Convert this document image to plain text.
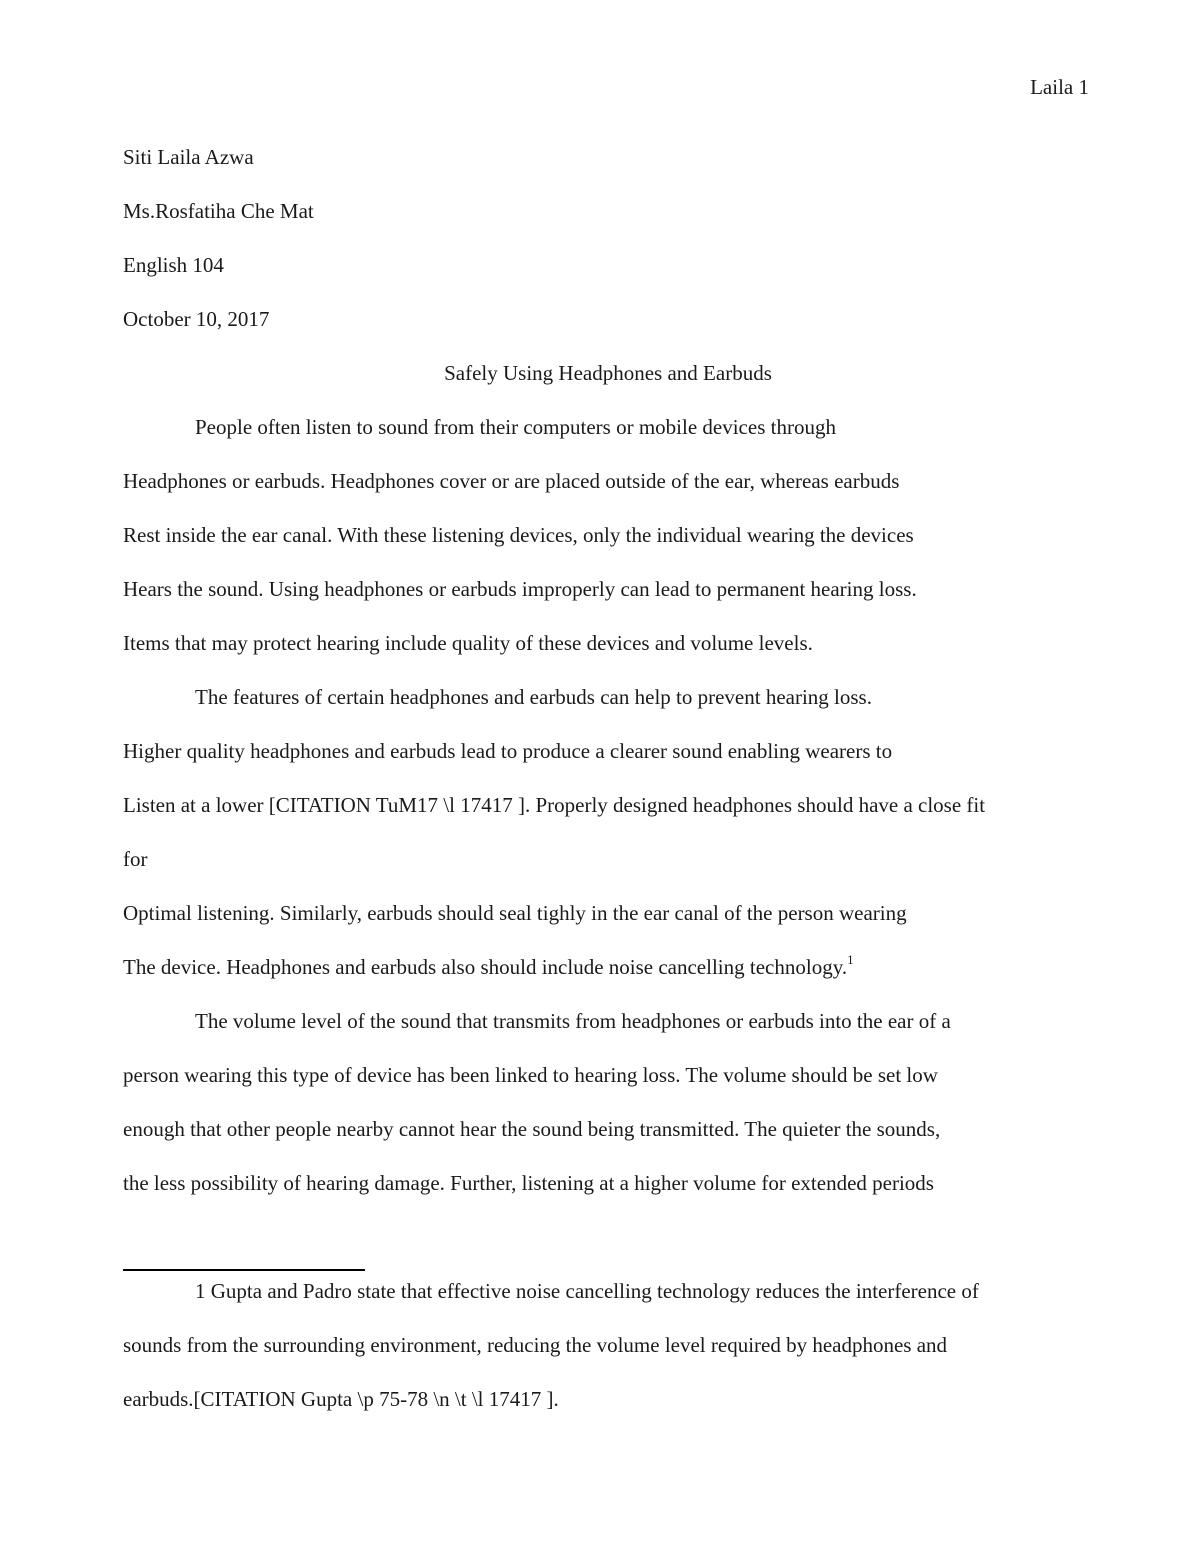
Laila 1
Siti Laila Azwa
Ms.Rosfatiha Che Mat
English 104
October 10, 2017
Safely Using Headphones and Earbuds
People often listen to sound from their computers or mobile devices through
Headphones or earbuds. Headphones cover or are placed outside of the ear, whereas earbuds
Rest inside the ear canal. With these listening devices, only the individual wearing the devices
Hears the sound. Using headphones or earbuds improperly can lead to permanent hearing loss.
Items that may protect hearing include quality of these devices and volume levels.
The features of certain headphones and earbuds can help to prevent hearing loss.
Higher quality headphones and earbuds lead to produce a clearer sound enabling wearers to
Listen at a lower [CITATION TuM17 \l 17417 ]. Properly designed headphones should have a close fit
for
Optimal listening. Similarly, earbuds should seal tighly in the ear canal of the person wearing
The device. Headphones and earbuds also should include noise cancelling technology.$^1$
The volume level of the sound that transmits from headphones or earbuds into the ear of a
person wearing this type of device has been linked to hearing loss. The volume should be set low
enough that other people nearby cannot hear the sound being transmitted. The quieter the sounds,
the less possibility of hearing damage. Further, listening at a higher volume for extended periods
1 Gupta and Padro state that effective noise cancelling technology reduces the interference of
sounds from the surrounding environment, reducing the volume level required by headphones and
earbuds.[CITATION Gupta \p 75-78 \n \t \l 17417 ].
